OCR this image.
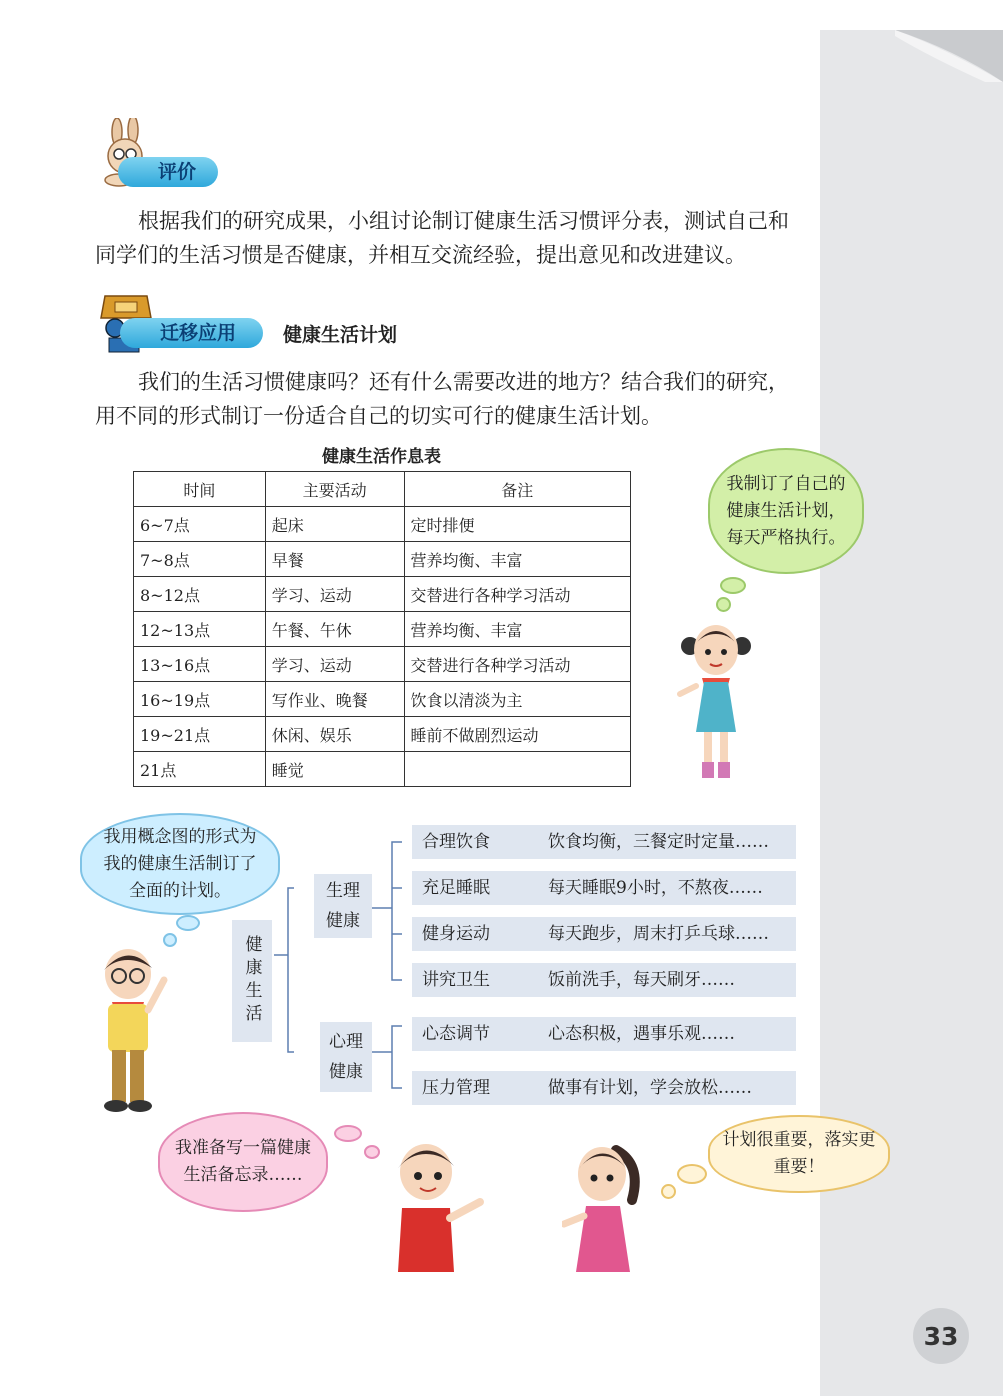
评价
根据我们的研究成果，小组讨论制订健康生活习惯评分表，测试自己和同学们的生活习惯是否健康，并相互交流经验，提出意见和改进建议。
迁移应用	健康生活计划
我们的生活习惯健康吗？还有什么需要改进的地方？结合我们的研究，用不同的形式制订一份适合自己的切实可行的健康生活计划。
健康生活作息表
时间	主要活动	备注
6~7点	起床	定时排便
7~8点	早餐	营养均衡、丰富
8~12点	学习、运动	交替进行各种学习活动
12~13点	午餐、午休	营养均衡、丰富
13~16点	学习、运动	交替进行各种学习活动
16~19点	写作业、晚餐	饮食以清淡为主
19~21点	休闲、娱乐	睡前不做剧烈运动
21点	睡觉	
我制订了自己的健康生活计划，每天严格执行。
我用概念图的形式为我的健康生活制订了全面的计划。
健康生活
生理健康
心理健康
合理饮食	饮食均衡，三餐定时定量……
充足睡眠	每天睡眠9小时，不熬夜……
健身运动	每天跑步，周末打乒乓球……
讲究卫生	饭前洗手，每天刷牙……
心态调节	心态积极，遇事乐观……
压力管理	做事有计划，学会放松……
我准备写一篇健康生活备忘录……
计划很重要，落实更重要！
33
